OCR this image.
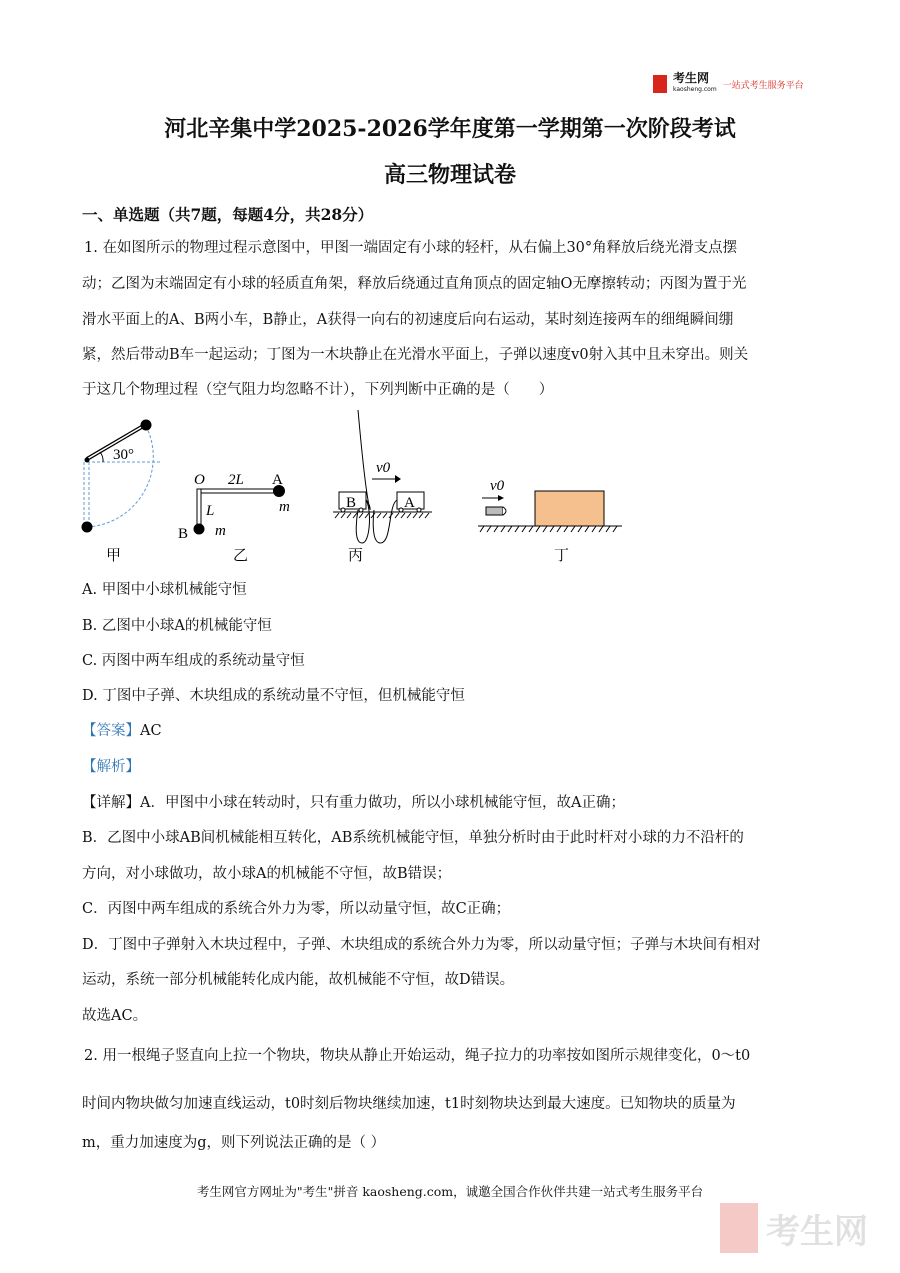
考生网
kaosheng.com 一站式考生服务平台
河北辛集中学2025-2026学年度第一学期第一次阶段考试
高三物理试卷
一、单选题（共7题，每题4分，共28分）
1. 在如图所示的物理过程示意图中，甲图一端固定有小球的轻杆，从右偏上30°角释放后绕光滑支点摆
动；乙图为末端固定有小球的轻质直角架，释放后绕通过直角顶点的固定轴O无摩擦转动；丙图为置于光
滑水平面上的A、B两小车，B静止，A获得一向右的初速度后向右运动，某时刻连接两车的细绳瞬间绷
紧，然后带动B车一起运动；丁图为一木块静止在光滑水平面上，子弹以速度v0射入其中且未穿出。则关
于这几个物理过程（空气阻力均忽略不计），下列判断中正确的是（　　）
30°
甲
O 2L A
m
L
B m
乙
B	A
v0
丙
v0
丁
A. 甲图中小球机械能守恒
B. 乙图中小球A的机械能守恒
C. 丙图中两车组成的系统动量守恒
D. 丁图中子弹、木块组成的系统动量不守恒，但机械能守恒
【答案】AC
【解析】
【详解】A．甲图中小球在转动时，只有重力做功，所以小球机械能守恒，故A正确；
B．乙图中小球AB间机械能相互转化，AB系统机械能守恒，单独分析时由于此时杆对小球的力不沿杆的
方向，对小球做功，故小球A的机械能不守恒，故B错误；
C．丙图中两车组成的系统合外力为零，所以动量守恒，故C正确；
D．丁图中子弹射入木块过程中，子弹、木块组成的系统合外力为零，所以动量守恒；子弹与木块间有相对
运动，系统一部分机械能转化成内能，故机械能不守恒，故D错误。
故选AC。
2. 用一根绳子竖直向上拉一个物块，物块从静止开始运动，绳子拉力的功率按如图所示规律变化，0～t0
时间内物块做匀加速直线运动，t0时刻后物块继续加速，t1时刻物块达到最大速度。已知物块的质量为
m，重力加速度为g，则下列说法正确的是（ ）
考生网官方网址为"考生"拼音 kaosheng.com，诚邀全国合作伙伴共建一站式考生服务平台
考生网
